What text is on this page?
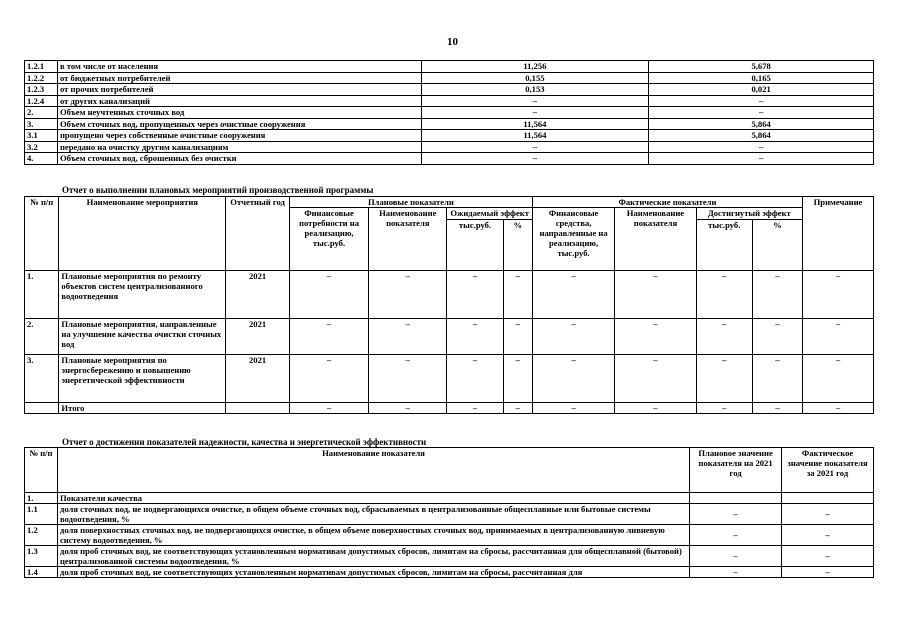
10
1.2.1	в том числе от населения	11,256	5,678
1.2.2	от бюджетных потребителей	0,155	0,165
1.2.3	от прочих потребителей	0,153	0,021
1.2.4	от других канализаций	–	–
2.	Объем неучтенных сточных вод	–	–
3.	Объем сточных вод, пропущенных через очистные сооружения	11,564	5,864
3.1	пропущено через собственные очистные сооружения	11,564	5,864
3.2	передано на очистку другим канализациям	–	–
4.	Объем сточных вод, сброшенных без очистки	–	–
Отчет о выполнении плановых мероприятий производственной программы
№ п/п	Наименование мероприятия	Отчетный год	Плановые показатели				Фактические показатели				Примечание
			Финансовые потребности на реализацию, тыс.руб.	Наименование показателя	Ожидаемый эффект		Финансовые средства, направленные на реализацию, тыс.руб.	Наименование показателя	Достигнутый эффект		
					тыс.руб.	%			тыс.руб.	%	
1.	Плановые мероприятия по ремонту объектов систем централизованного водоотведения	2021	–	–	–	–	–	–	–	–	–
2.	Плановые мероприятия, направленные на улучшение качества очистки сточных вод	2021	–	–	–	–	–	–	–	–	–
3.	Плановые мероприятия по энергосбережению и повышению энергетической эффективности	2021	–	–	–	–	–	–	–	–	–
	Итого		–	–	–	–	–	–	–	–	–
Отчет о достижении показателей надежности, качества и энергетической эффективности
№ п/п	Наименование показателя	Плановое значение показателя на 2021 год	Фактическое значение показателя за 2021 год
1.	Показатели качества		
1.1	доля сточных вод, не подвергающихся очистке, в общем объеме сточных вод, сбрасываемых в централизованные общесплавные или бытовые системы водоотведения, %	–	–
1.2	доля поверхностных сточных вод, не подвергающихся очистке, в общем объеме поверхностных сточных вод, принимаемых в централизованную ливневую систему водоотведения, %	–	–
1.3	доля проб сточных вод, не соответствующих установленным нормативам допустимых сбросов, лимитам на сбросы, рассчитанная для общесплавной (бытовой) централизованной системы водоотведения, %	–	–
1.4	доля проб сточных вод, не соответствующих установленным нормативам допустимых сбросов, лимитам на сбросы, рассчитанная для	–	–
